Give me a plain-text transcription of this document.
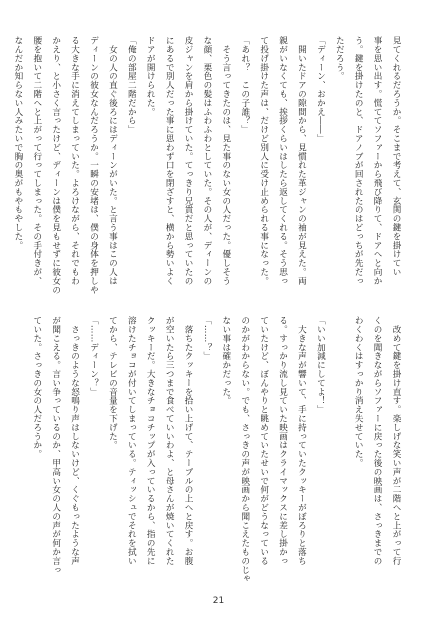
見てくれるだろうか。そこまで考えて、玄関の鍵を掛けてい
事を思い出す。慌ててソファーから飛び降りて、ドアへと向か
う。鍵を掛けたのと、ドアノブが回されたのはどっちが先だっ
ただろう。
「ディーン、おかえ――」
　開いたドアの隙間から、見慣れた革ジャンの袖が見えた。両
親がいなくても、挨拶くらいはしたら返してくれる。そう思っ
て投げ掛けた声は、だけど別人に受け止められる事になった。
「あれ？　この子誰？」
　そう言ってきたのは、見た事のない女の人だった。優しそう
な顔、栗色の髪はふわふわとしていた。その人が、ディーンの
皮ジャンを肩から掛けていた。てっきり兄貴だと思っていたの
にあるで別人だった事に思わず口を閉ざすと、横から勢いよく
ドアが開けられた。
「俺の部屋二階だから」
　女の人の直ぐ後ろにはディーンがいた。と言う事はこの人は
ディーンの彼女なんだろうか。一瞬の安堵は、僕の身体を押しや
る大きな手に消えてしまっていた。よろけながら、それでもわ
かえり、と小さく言ったけど、ディーンは僕を見もせずに彼女の
腰を抱いて二階へと上がって行ってしまった。その手付きが、
なんだか知らない人みたいで胸の奥がもやもやした。
　改めて鍵を掛け直す。楽しげな笑い声が二階へと上がって行
くのを聞きながらソファーに戻った後の映画は、さっきまでの
わくわくはすっかり消え失せていた。

「いい加減にしてよ！」
　大きな声が響いて、手に持っていたクッキーがぼろりと落ち
る。すっかり流し見ていた映画はクライマックスに差し掛かっ
ていたけど、ぼんやりと眺めていたせいで何がどうなっている
のかがわからない。でも、さっきの声が映画から聞こえたものじゃ
ない事は確かだった。
「……？」
　落ちたクッキーを拾い上げて、テーブルの上へと戻す。お腹
が空いたら三つまで食べていいわよ、と母さんが焼いてくれた
クッキーだ。大きなチョコチップが入っているから、指の先に
溶けたチョコが付いてしまっている。ティッシュでそれを拭い
てから、テレビの音量を下げた。
「……ディーン？」
　さっきのような怒鳴り声はしないけど、くぐもったような声
が聞こえる。言い争っているのか、甲高い女の人の声が何か言っ
ていた。さっきの女の人だろうか。
21
